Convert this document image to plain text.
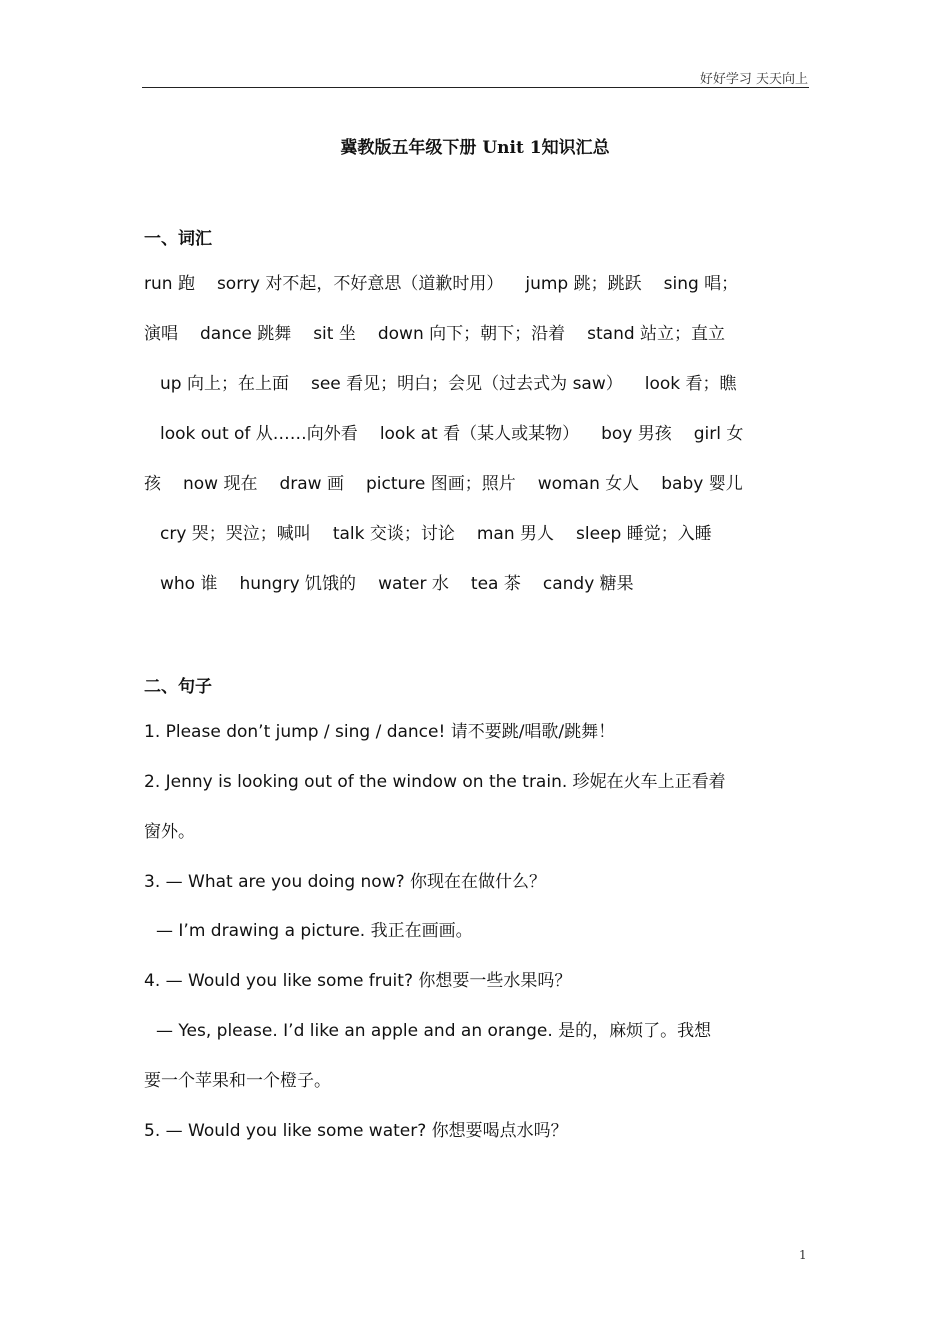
好好学习 天天向上
冀教版五年级下册 Unit 1知识汇总
一、词汇
run 跑 sorry 对不起，不好意思（道歉时用） jump 跳；跳跃 sing 唱；
演唱 dance 跳舞 sit 坐 down 向下；朝下；沿着 stand 站立；直立
up 向上；在上面 see 看见；明白；会见（过去式为 saw） look 看；瞧
look out of 从……向外看 look at 看（某人或某物） boy 男孩 girl 女
孩 now 现在 draw 画 picture 图画；照片 woman 女人 baby 婴儿
cry 哭；哭泣；喊叫 talk 交谈；讨论 man 男人 sleep 睡觉；入睡
who 谁 hungry 饥饿的 water 水 tea 茶 candy 糖果
二、句子
1. Please don’t jump / sing / dance! 请不要跳/唱歌/跳舞！
2. Jenny is looking out of the window on the train. 珍妮在火车上正看着
窗外。
3. — What are you doing now? 你现在在做什么？
— I’m drawing a picture. 我正在画画。
4. — Would you like some fruit? 你想要一些水果吗？
— Yes, please. I’d like an apple and an orange. 是的，麻烦了。我想
要一个苹果和一个橙子。
5. — Would you like some water? 你想要喝点水吗？
1
